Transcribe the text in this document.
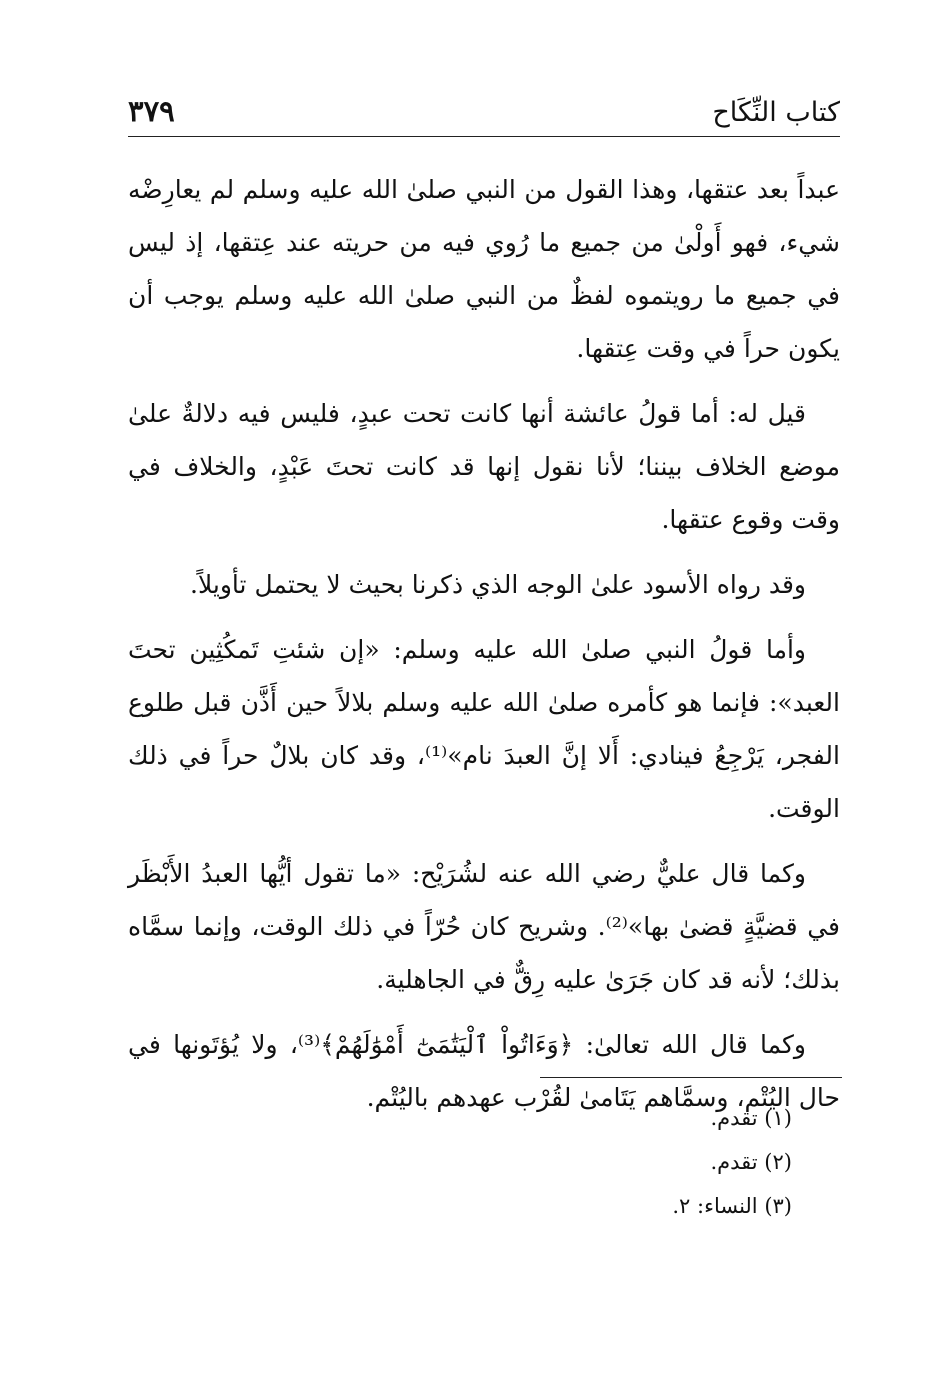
كتاب النِّكَاح
٣٧٩

عبداً بعد عتقها، وهذا القول من النبي صلىٰ الله عليه وسلم لم يعارِضْه شيء، فهو أَولْىٰ من جميع ما رُوي فيه من حريته عند عِتقها، إذ ليس في جميع ما رويتموه لفظٌ من النبي صلىٰ الله عليه وسلم يوجب أن يكون حراً في وقت عِتقها.

قيل له: أما قولُ عائشة أنها كانت تحت عبدٍ، فليس فيه دلالةٌ علىٰ موضع الخلاف بيننا؛ لأنا نقول إنها قد كانت تحتَ عَبْدٍ، والخلاف في وقت وقوع عتقها.

وقد رواه الأسود علىٰ الوجه الذي ذكرنا بحيث لا يحتمل تأويلاً.

وأما قولُ النبي صلىٰ الله عليه وسلم: «إن شئتِ تَمكُثِين تحتَ العبد»: فإنما هو كأمره صلىٰ الله عليه وسلم بلالاً حين أَذَّن قبل طلوع الفجر، يَرْجِعُ فينادي: أَلا إنَّ العبدَ نام»⁽¹⁾، وقد كان بلالٌ حراً في ذلك الوقت.

وكما قال عليٌّ رضي الله عنه لشُرَيْح: «ما تقول أيُّها العبدُ الأَبْظَر في قضيَّةٍ قضىٰ بها»⁽²⁾. وشريح كان حُرّاً في ذلك الوقت، وإنما سمَّاه بذلك؛ لأنه قد كان جَرَىٰ عليه رِقٌّ في الجاهلية.

وكما قال الله تعالىٰ: ﴿وَءَاتُواْ ٱلْيَتَٰمَىٰٓ أَمْوَٰلَهُمْ﴾⁽³⁾، ولا يُؤتَونها في حال اليُتْم، وسمَّاهم يَتَامىٰ لقُرْب عهدهم باليُتْم.

(١) تقدم.

(٢) تقدم.

(٣) النساء: ٢.
